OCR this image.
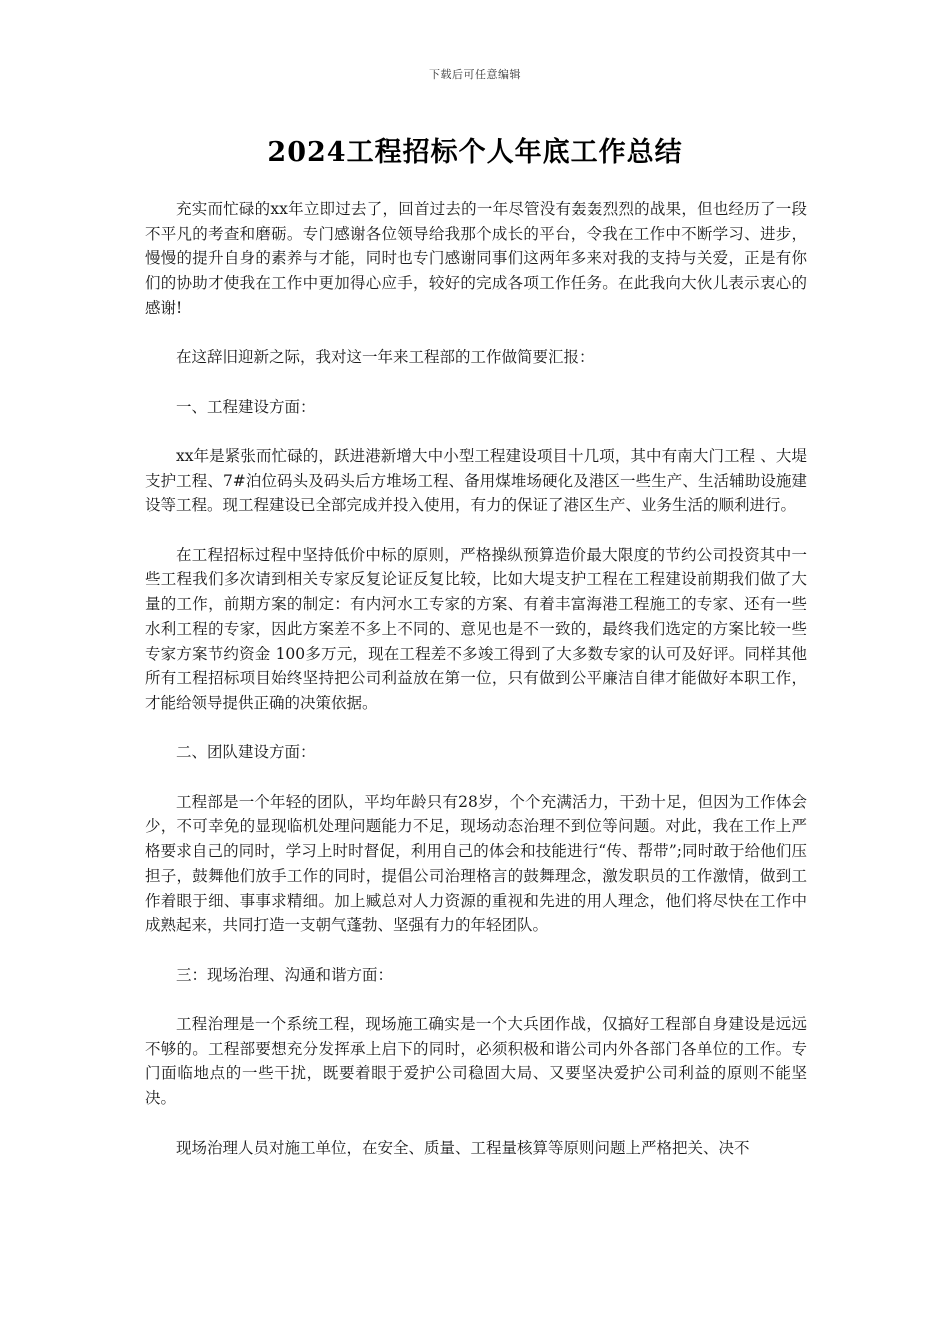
下载后可任意编辑
2024工程招标个人年底工作总结

充实而忙碌的xx年立即过去了，回首过去的一年尽管没有轰轰烈烈的战果，但也经历了一段不平凡的考查和磨砺。专门感谢各位领导给我那个成长的平台，令我在工作中不断学习、进步，慢慢的提升自身的素养与才能，同时也专门感谢同事们这两年多来对我的支持与关爱，正是有你们的协助才使我在工作中更加得心应手，较好的完成各项工作任务。在此我向大伙儿表示衷心的感谢!

在这辞旧迎新之际，我对这一年来工程部的工作做简要汇报：

一、工程建设方面：

xx年是紧张而忙碌的，跃进港新增大中小型工程建设项目十几项，其中有南大门工程 、大堤支护工程、7#泊位码头及码头后方堆场工程、备用煤堆场硬化及港区一些生产、生活辅助设施建设等工程。现工程建设已全部完成并投入使用，有力的保证了港区生产、业务生活的顺利进行。

在工程招标过程中坚持低价中标的原则，严格操纵预算造价最大限度的节约公司投资其中一些工程我们多次请到相关专家反复论证反复比较，比如大堤支护工程在工程建设前期我们做了大量的工作，前期方案的制定：有内河水工专家的方案、有着丰富海港工程施工的专家、还有一些水利工程的专家，因此方案差不多上不同的、意见也是不一致的，最终我们选定的方案比较一些专家方案节约资金 100多万元，现在工程差不多竣工得到了大多数专家的认可及好评。同样其他所有工程招标项目始终坚持把公司利益放在第一位，只有做到公平廉洁自律才能做好本职工作，才能给领导提供正确的决策依据。

二、团队建设方面：

工程部是一个年轻的团队，平均年龄只有28岁，个个充满活力，干劲十足，但因为工作体会少，不可幸免的显现临机处理问题能力不足，现场动态治理不到位等问题。对此，我在工作上严格要求自己的同时，学习上时时督促，利用自己的体会和技能进行“传、帮带”;同时敢于给他们压担子，鼓舞他们放手工作的同时，提倡公司治理格言的鼓舞理念，激发职员的工作激情，做到工作着眼于细、事事求精细。加上臧总对人力资源的重视和先进的用人理念，他们将尽快在工作中成熟起来，共同打造一支朝气蓬勃、坚强有力的年轻团队。

三：现场治理、沟通和谐方面：

工程治理是一个系统工程，现场施工确实是一个大兵团作战，仅搞好工程部自身建设是远远不够的。工程部要想充分发挥承上启下的同时，必须积极和谐公司内外各部门各单位的工作。专门面临地点的一些干扰，既要着眼于爱护公司稳固大局、又要坚决爱护公司利益的原则不能坚决。

现场治理人员对施工单位，在安全、质量、工程量核算等原则问题上严格把关、决不
